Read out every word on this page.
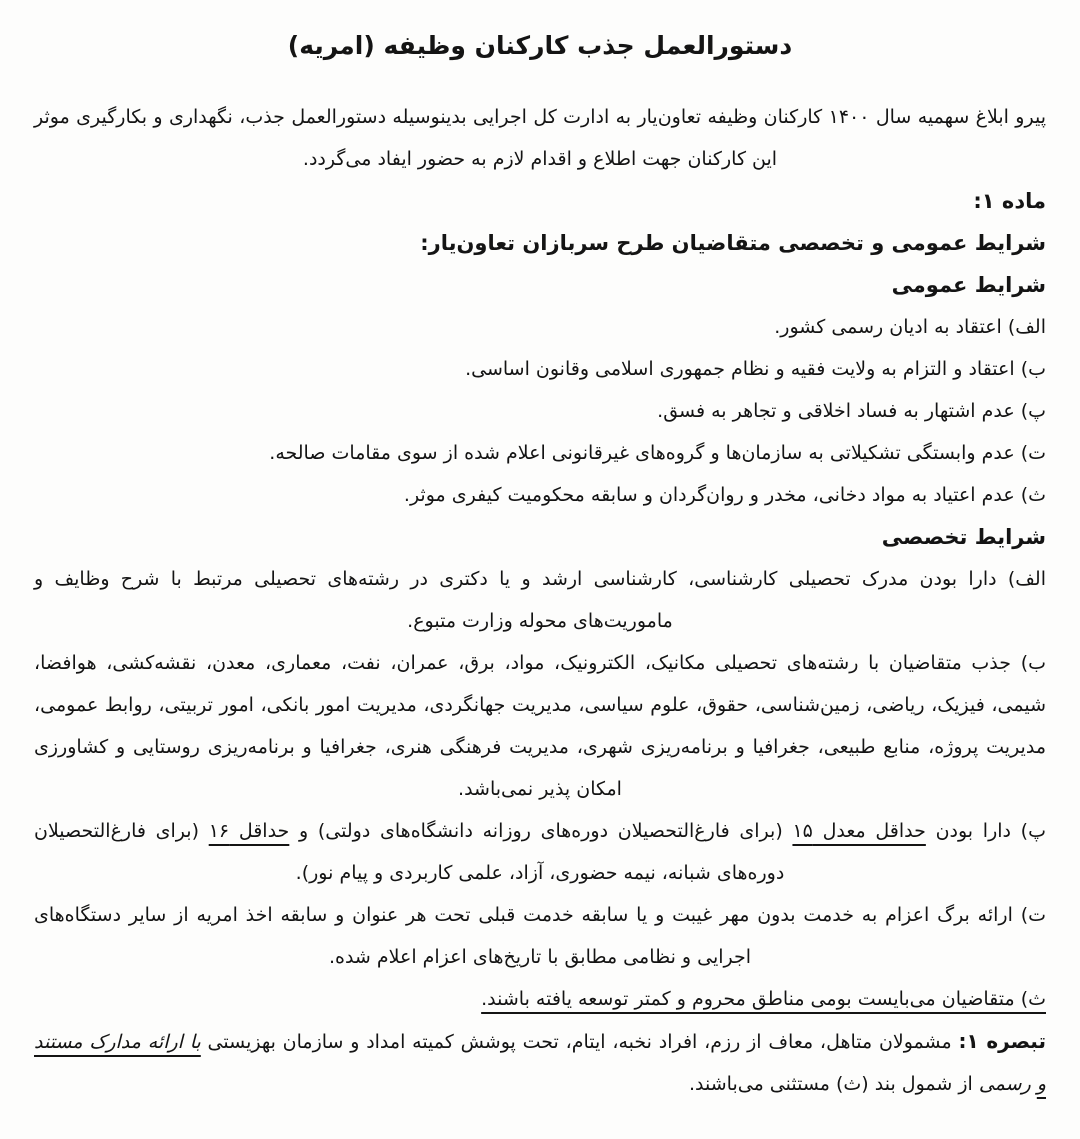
دستورالعمل جذب کارکنان وظیفه (امریه)

پیرو ابلاغ سهمیه سال ۱۴۰۰ کارکنان وظیفه تعاون‌یار به ادارت کل اجرایی بدینوسیله دستورالعمل جذب، نگهداری و بکارگیری موثر این کارکنان جهت اطلاع و اقدام لازم به حضور ایفاد می‌گردد.

ماده ۱:
شرایط عمومی و تخصصی متقاضیان طرح سربازان تعاون‌یار:
شرایط عمومی
الف) اعتقاد به ادیان رسمی کشور.
ب) اعتقاد و التزام به ولایت فقیه و نظام جمهوری اسلامی وقانون اساسی.
پ) عدم اشتهار به فساد اخلاقی و تجاهر به فسق.
ت) عدم وابستگی تشکیلاتی به سازمان‌ها و گروه‌های غیرقانونی اعلام شده از سوی مقامات صالحه.
ث) عدم اعتیاد به مواد دخانی، مخدر و روان‌گردان و سابقه محکومیت کیفری موثر.
شرایط تخصصی

الف) دارا بودن مدرک تحصیلی کارشناسی، کارشناسی ارشد و یا دکتری در رشته‌های تحصیلی مرتبط با شرح وظایف و ماموریت‌های محوله وزارت متبوع.

ب) جذب متقاضیان با رشته‌های تحصیلی مکانیک، الکترونیک، مواد، برق، عمران، نفت، معماری، معدن، نقشه‌کشی، هوافضا، شیمی، فیزیک، ریاضی، زمین‌شناسی، حقوق، علوم سیاسی، مدیریت جهانگردی، مدیریت امور بانکی، امور تربیتی، روابط عمومی، مدیریت پروژه، منابع طبیعی، جغرافیا و برنامه‌ریزی شهری، مدیریت فرهنگی هنری، جغرافیا و برنامه‌ریزی روستایی و کشاورزی امکان پذیر نمی‌باشد.

پ) دارا بودن حداقل معدل ۱۵ (برای فارغ‌التحصیلان دوره‌های روزانه دانشگاه‌های دولتی) و حداقل ۱۶ (برای فارغ‌التحصیلان دوره‌های شبانه، نیمه حضوری، آزاد، علمی کاربردی و پیام نور).

ت) ارائه برگ اعزام به خدمت بدون مهر غیبت و یا سابقه خدمت قبلی تحت هر عنوان و سابقه اخذ امریه از سایر دستگاه‌های اجرایی و نظامی مطابق با تاریخ‌های اعزام اعلام شده.

ث) متقاضیان می‌بایست بومی مناطق محروم و کمتر توسعه یافته باشند.

تبصره ۱: مشمولان متاهل، معاف از رزم، افراد نخبه، ایتام، تحت پوشش کمیته امداد و سازمان بهزیستی با ارائه مدارک مستند و رسمی از شمول بند (ث) مستثنی می‌باشند.
